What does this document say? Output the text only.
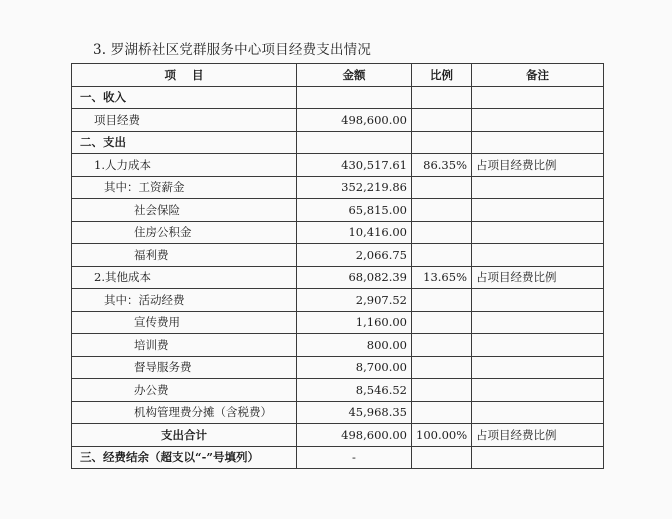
3. 罗湖桥社区党群服务中心项目经费支出情况
项    目	金额	比例	备注
一、收入			
项目经费	498,600.00		
二、支出			
1.人力成本	430,517.61	86.35%	占项目经费比例
其中：工资薪金	352,219.86		
社会保险	65,815.00		
住房公积金	10,416.00		
福利费	2,066.75		
2.其他成本	68,082.39	13.65%	占项目经费比例
其中：活动经费	2,907.52		
宣传费用	1,160.00		
培训费	800.00		
督导服务费	8,700.00		
办公费	8,546.52		
机构管理费分摊（含税费）	45,968.35		
支出合计	498,600.00	100.00%	占项目经费比例
三、经费结余（超支以“-”号填列）	-		
